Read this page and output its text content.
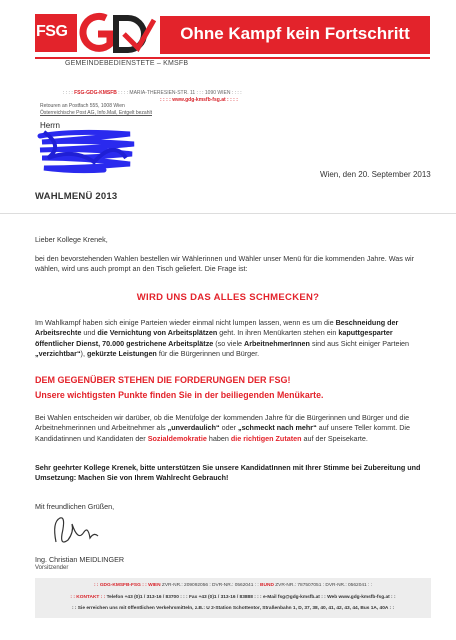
FSG	Ohne Kampf kein Fortschritt
GEMEINDEBEDIENSTETE – KMSFB
: : : : FSG-GDG-KMSFB : : : : MARIA-THERESIEN-STR. 11 : : : 1090 WIEN : : : :
: : : : www.gdg-kmsfb-fsg.at : : : :
Retouren an Postfach 555, 1008 Wien
Österreichische Post AG, Info.Mail, Entgelt bezahlt
Herrn
Wien, den 20. September 2013
WAHLMENÜ 2013
Lieber Kollege Krenek,
bei den bevorstehenden Wahlen bestellen wir Wählerinnen und Wähler unser Menü für die kommenden Jahre. Was wir wählen, wird uns auch prompt an den Tisch geliefert. Die Frage ist:
WIRD UNS DAS ALLES SCHMECKEN?
Im Wahlkampf haben sich einige Parteien wieder einmal nicht lumpen lassen, wenn es um die Beschneidung der Arbeitsrechte und die Vernichtung von Arbeitsplätzen geht. In ihren Menükarten stehen ein kaputtgesparter öffentlicher Dienst, 70.000 gestrichene Arbeitsplätze (so viele ArbeitnehmerInnen sind aus Sicht einiger Parteien „verzichtbar“), gekürzte Leistungen für die Bürgerinnen und Bürger.
DEM GEGENÜBER STEHEN DIE FORDERUNGEN DER FSG!
Unsere wichtigsten Punkte finden Sie in der beiliegenden Menükarte.
Bei Wahlen entscheiden wir darüber, ob die Menüfolge der kommenden Jahre für die Bürgerinnen und Bürger und die Arbeitnehmerinnen und Arbeitnehmer als „unverdaulich“ oder „schmeckt nach mehr“ auf unsere Teller kommt. Die Kandidatinnen und Kandidaten der Sozialdemokratie haben die richtigen Zutaten auf der Speisekarte.
Sehr geehrter Kollege Krenek, bitte unterstützen Sie unsere KandidatInnen mit Ihrer Stimme bei Zubereitung und Umsetzung: Machen Sie von Ihrem Wahlrecht Gebrauch!
Mit freundlichen Grüßen,
Ing. Christian MEIDLINGER
Vorsitzender
: : GDG-KMSFB-FSG : : WIEN ZVR-NR.: 209092056 : DVR-NR.: 0562041 : : BUND ZVR-NR.: 787507051 : DVR-NR.: 0562041 : :
: : KONTAKT : : Telefon +43 (0)1 / 313-16 / 83700 : : : Fax +43 (0)1 / 313-16 / 83888 : : : e-Mail fsg@gdg-kmsfb.at : : Web www.gdg-kmsfb-fsg.at : :
: : Sie erreichen uns mit öffentlichen Verkehrsmitteln, z.B.: U 2-Station Schottentor, Straßenbahn 1, D, 37, 38, 40, 41, 42, 43, 44, Bus 1A, 40A : :
